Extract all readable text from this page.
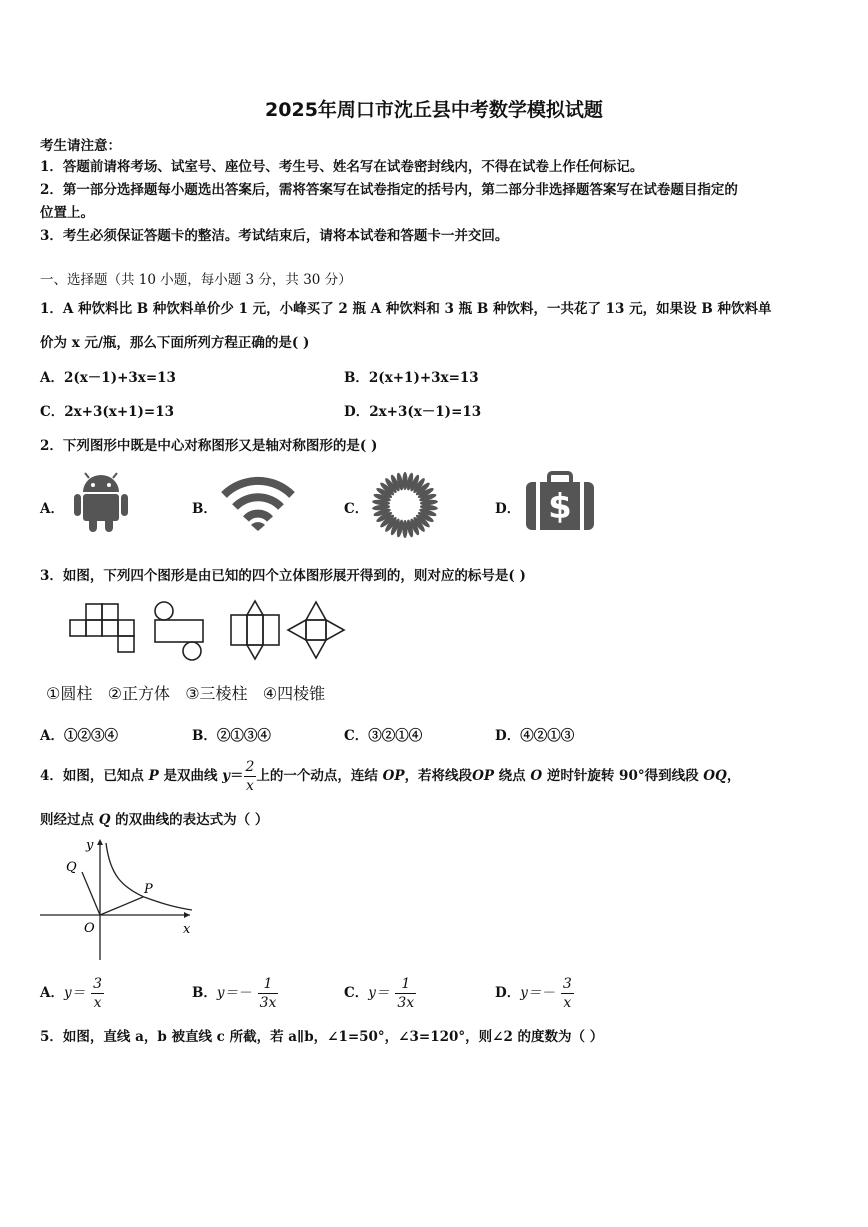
2025年周口市沈丘县中考数学模拟试题
考生请注意：
1．答题前请将考场、试室号、座位号、考生号、姓名写在试卷密封线内，不得在试卷上作任何标记。
2．第一部分选择题每小题选出答案后，需将答案写在试卷指定的括号内，第二部分非选择题答案写在试卷题目指定的
位置上。
3．考生必须保证答题卡的整洁。考试结束后，请将本试卷和答题卡一并交回。
一、选择题（共 10 小题，每小题 3 分，共 30 分）
1．A 种饮料比 B 种饮料单价少 1 元，小峰买了 2 瓶 A 种饮料和 3 瓶 B 种饮料，一共花了 13 元，如果设 B 种饮料单
价为 x 元/瓶，那么下面所列方程正确的是( )
A．2(x－1)+3x=13	B．2(x+1)+3x=13
C．2x+3(x+1)=13	D．2x+3(x－1)=13
2．下列图形中既是中心对称图形又是轴对称图形的是( )
A．	B．	C．	D． $
3．如图，下列四个图形是由已知的四个立体图形展开得到的，则对应的标号是( )
①圆柱   ②正方体   ③三棱柱   ④四棱锥
A．①②③④	B．②①③④	C．③②①④	D．④②①③
4．如图，已知点 P 是双曲线 $y= \frac{2}{x}$ 上的一个动点，连结 OP，若将线段OP 绕点 O 逆时针旋转 90°得到线段 OQ，
则经过点 Q 的双曲线的表达式为（ ）
y
x
O
Q
P
A．$y= \frac{3}{x}$	B．$y=- \frac{1}{3x}$	C．$y= \frac{1}{3x}$	D．$y=- \frac{3}{x}$
5．如图，直线 a，b 被直线 c 所截，若 a∥b，∠1=50°，∠3=120°，则∠2 的度数为（ ）
